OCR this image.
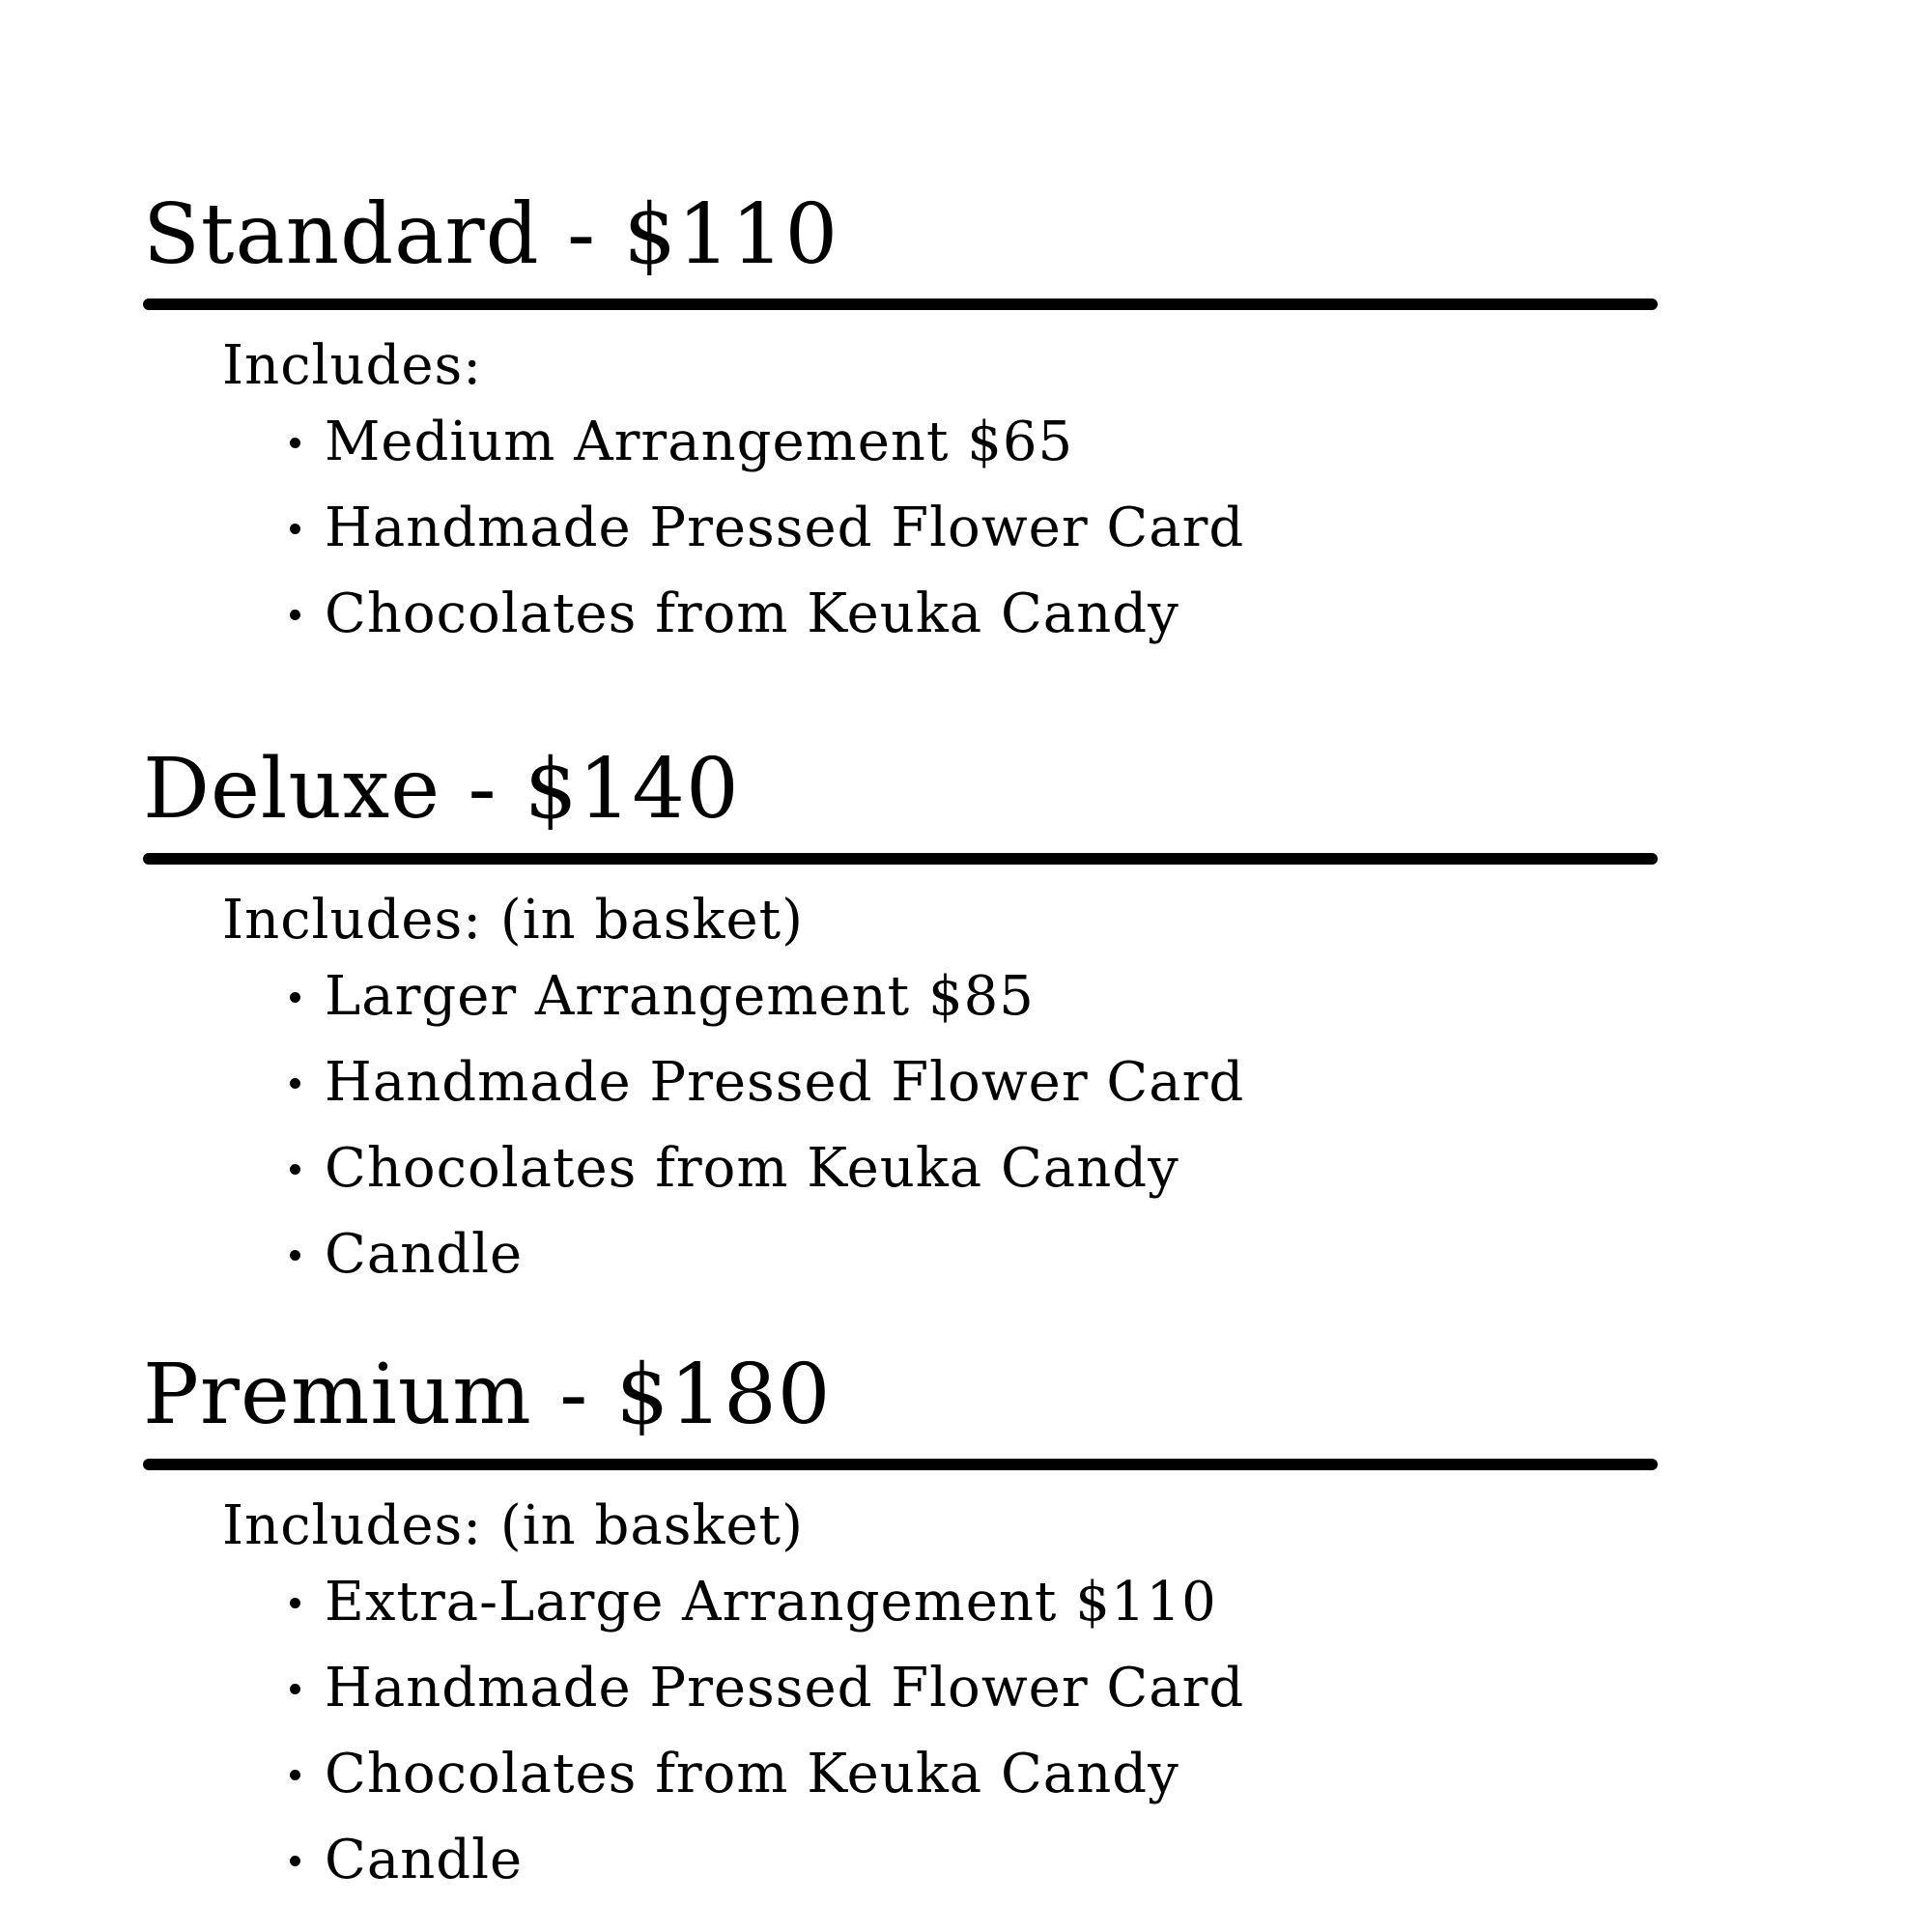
Standard - $110

Includes:

Medium Arrangement $65
Handmade Pressed Flower Card
Chocolates from Keuka Candy
Deluxe - $140

Includes: (in basket)

Larger Arrangement $85
Handmade Pressed Flower Card
Chocolates from Keuka Candy
Candle
Premium - $180

Includes: (in basket)

Extra-Large Arrangement $110
Handmade Pressed Flower Card
Chocolates from Keuka Candy
Candle
